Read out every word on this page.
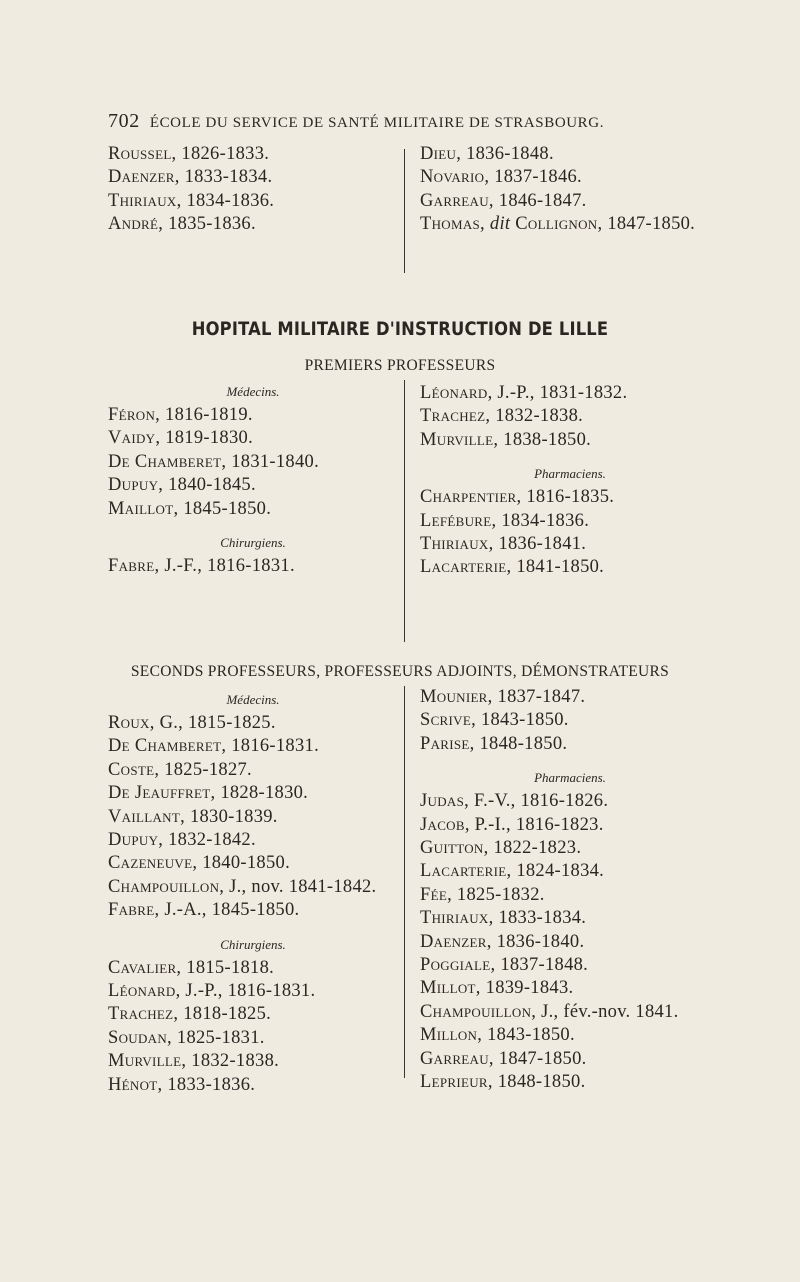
702 ÉCOLE DU SERVICE DE SANTÉ MILITAIRE DE STRASBOURG.
Roussel, 1826-1833.
Daenzer, 1833-1834.
Thiriaux, 1834-1836.
André, 1835-1836.
Dieu, 1836-1848.
Novario, 1837-1846.
Garreau, 1846-1847.
Thomas, dit Collignon, 1847-1850.
HOPITAL MILITAIRE D'INSTRUCTION DE LILLE
PREMIERS PROFESSEURS
Médecins.
Féron, 1816-1819.
Vaidy, 1819-1830.
De Chamberet, 1831-1840.
Dupuy, 1840-1845.
Maillot, 1845-1850.
Chirurgiens.
Fabre, J.-F., 1816-1831.
Léonard, J.-P., 1831-1832.
Trachez, 1832-1838.
Murville, 1838-1850.
Pharmaciens.
Charpentier, 1816-1835.
Lefébure, 1834-1836.
Thiriaux, 1836-1841.
Lacarterie, 1841-1850.
SECONDS PROFESSEURS, PROFESSEURS ADJOINTS, DÉMONSTRATEURS
Médecins.
Roux, G., 1815-1825.
De Chamberet, 1816-1831.
Coste, 1825-1827.
De Jeauffret, 1828-1830.
Vaillant, 1830-1839.
Dupuy, 1832-1842.
Cazeneuve, 1840-1850.
Champouillon, J., nov. 1841-1842.
Fabre, J.-A., 1845-1850.
Chirurgiens.
Cavalier, 1815-1818.
Léonard, J.-P., 1816-1831.
Trachez, 1818-1825.
Soudan, 1825-1831.
Murville, 1832-1838.
Hénot, 1833-1836.
Mounier, 1837-1847.
Scrive, 1843-1850.
Parise, 1848-1850.
Pharmaciens.
Judas, F.-V., 1816-1826.
Jacob, P.-I., 1816-1823.
Guitton, 1822-1823.
Lacarterie, 1824-1834.
Fée, 1825-1832.
Thiriaux, 1833-1834.
Daenzer, 1836-1840.
Poggiale, 1837-1848.
Millot, 1839-1843.
Champouillon, J., fév.-nov. 1841.
Millon, 1843-1850.
Garreau, 1847-1850.
Leprieur, 1848-1850.
